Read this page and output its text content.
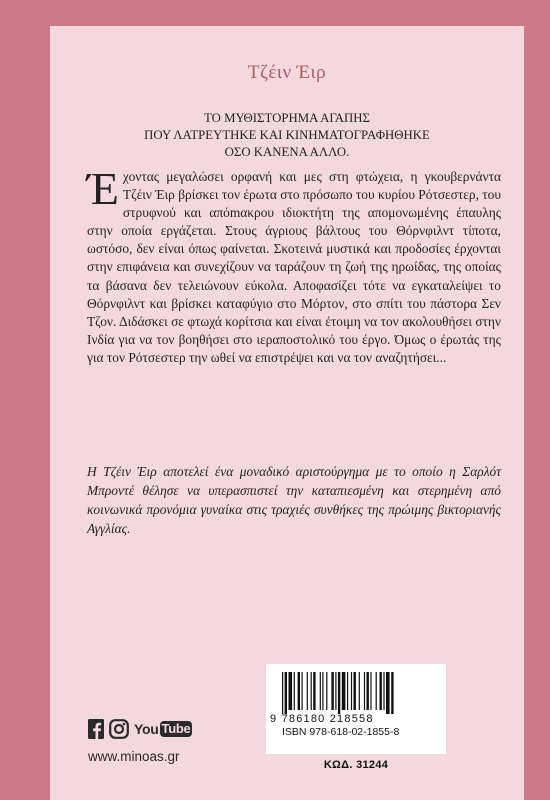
Τζέιν Έιρ
ΤΟ ΜΥΘΙΣΤΟΡΗΜΑ ΑΓΑΠΗΣ
ΠΟΥ ΛΑΤΡΕΥΤΗΚΕ ΚΑΙ ΚΙΝΗΜΑΤΟΓΡΑΦΗΘΗΚΕ
ΟΣΟ ΚΑΝΕΝΑ ΑΛΛΟ.
Έχοντας μεγαλώσει ορφανή και μες στη φτώχεια, η γκουβερνάντα Τζέιν Έιρ βρίσκει τον έρωτα στο πρόσωπο του κυρίου Ρότσεστερ, του στρυφνού και απόmακρου ιδιοκτήτη της απομονωμένης έπαυλης στην οποία εργάζεται. Στους άγριους βάλτους του Θόρνφιλντ τίποτα, ωστόσο, δεν είναι όπως φαίνεται. Σκοτεινά μυστικά και προδοσίες έρχονται στην επιφάνεια και συνεχίζουν να ταράζουν τη ζωή της ηρωίδας, της οποίας τα βάσανα δεν τελειώνουν εύκολα. Αποφασίζει τότε να εγκαταλείψει το Θόρνφιλντ και βρίσκει καταφύγιο στο Μόρτον, στο σπίτι του πάστορα Σεν Τζον. Διδάσκει σε φτωχά κορίτσια και είναι έτοιμη να τον ακολουθήσει στην Ινδία για να τον βοηθήσει στο ιεραποστολικό του έργο. Όμως ο έρωτάς της για τον Ρότσεστερ την ωθεί να επιστρέψει και να τον αναζητήσει...
Η Τζέιν Έιρ αποτελεί ένα μοναδικό αριστούργημα με το οποίο η Σαρλότ Μπροντέ θέλησε να υπερασπιστεί την καταπιεσμένη και στερημένη από κοινωνικά προνόμια γυναίκα στις τραχιές συνθήκες της πρώιμης βικτοριανής Αγγλίας.
You Tube
www.minoas.gr
9 786180 218558
ISBN 978-618-02-1855-8
ΚΩΔ. 31244
